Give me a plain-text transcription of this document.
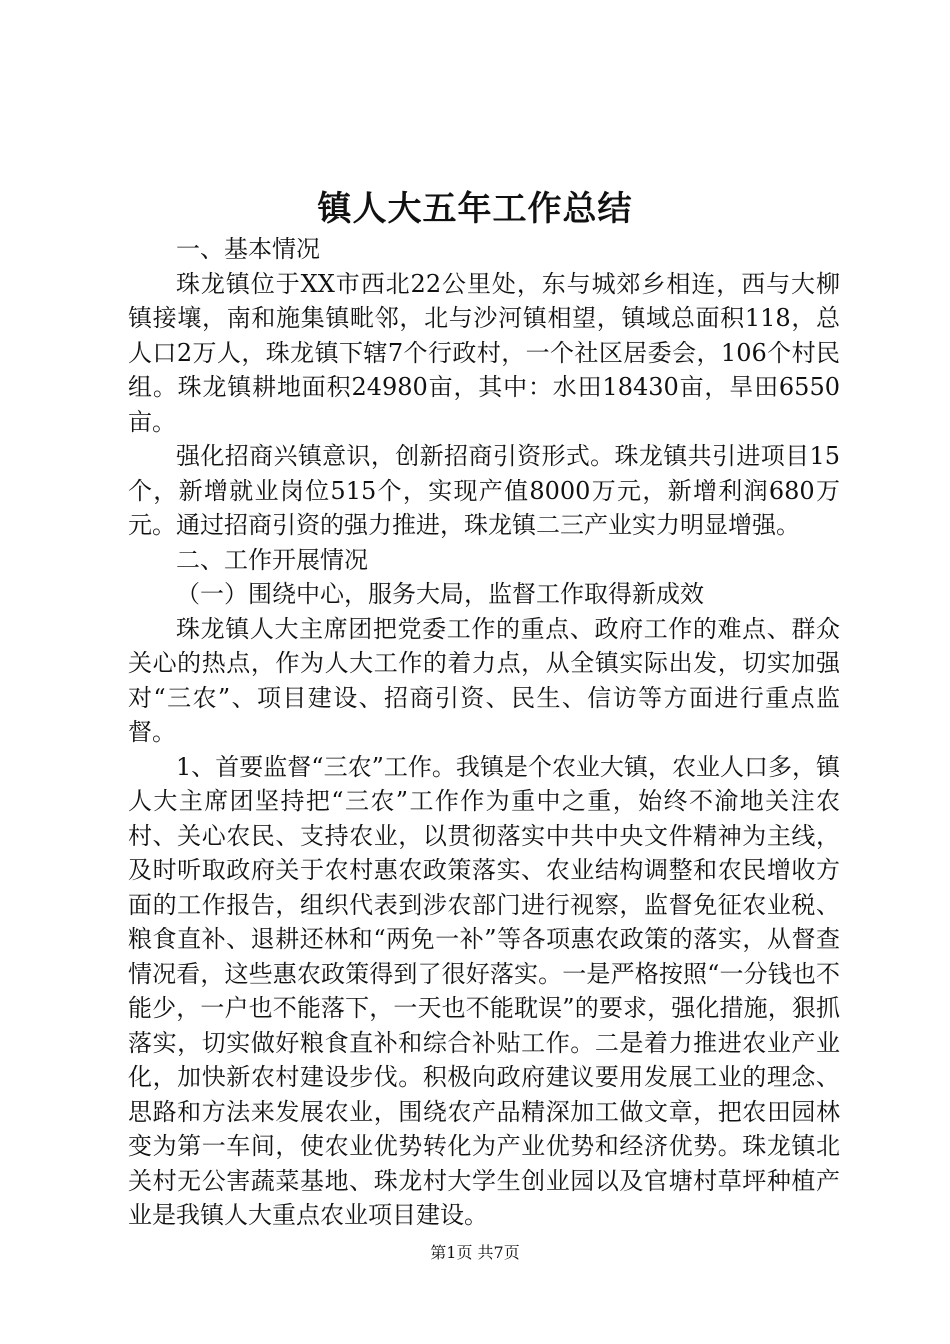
镇人大五年工作总结

一、基本情况

珠龙镇位于XX市西北22公里处，东与城郊乡相连，西与大柳镇接壤，南和施集镇毗邻，北与沙河镇相望，镇域总面积118，总人口2万人，珠龙镇下辖7个行政村，一个社区居委会，106个村民组。珠龙镇耕地面积24980亩，其中：水田18430亩，旱田6550亩。

强化招商兴镇意识，创新招商引资形式。珠龙镇共引进项目15个，新增就业岗位515个，实现产值8000万元，新增利润680万元。通过招商引资的强力推进，珠龙镇二三产业实力明显增强。

二、工作开展情况

（一）围绕中心，服务大局，监督工作取得新成效

珠龙镇人大主席团把党委工作的重点、政府工作的难点、群众关心的热点，作为人大工作的着力点，从全镇实际出发，切实加强对“三农”、项目建设、招商引资、民生、信访等方面进行重点监督。

1、首要监督“三农”工作。我镇是个农业大镇，农业人口多，镇人大主席团坚持把“三农”工作作为重中之重，始终不渝地关注农村、关心农民、支持农业，以贯彻落实中共中央文件精神为主线，及时听取政府关于农村惠农政策落实、农业结构调整和农民增收方面的工作报告，组织代表到涉农部门进行视察，监督免征农业税、粮食直补、退耕还林和“两免一补”等各项惠农政策的落实，从督查情况看，这些惠农政策得到了很好落实。一是严格按照“一分钱也不能少，一户也不能落下，一天也不能耽误”的要求，强化措施，狠抓落实，切实做好粮食直补和综合补贴工作。二是着力推进农业产业化，加快新农村建设步伐。积极向政府建议要用发展工业的理念、思路和方法来发展农业，围绕农产品精深加工做文章，把农田园林变为第一车间，使农业优势转化为产业优势和经济优势。珠龙镇北关村无公害蔬菜基地、珠龙村大学生创业园以及官塘村草坪种植产业是我镇人大重点农业项目建设。

第1页 共7页
